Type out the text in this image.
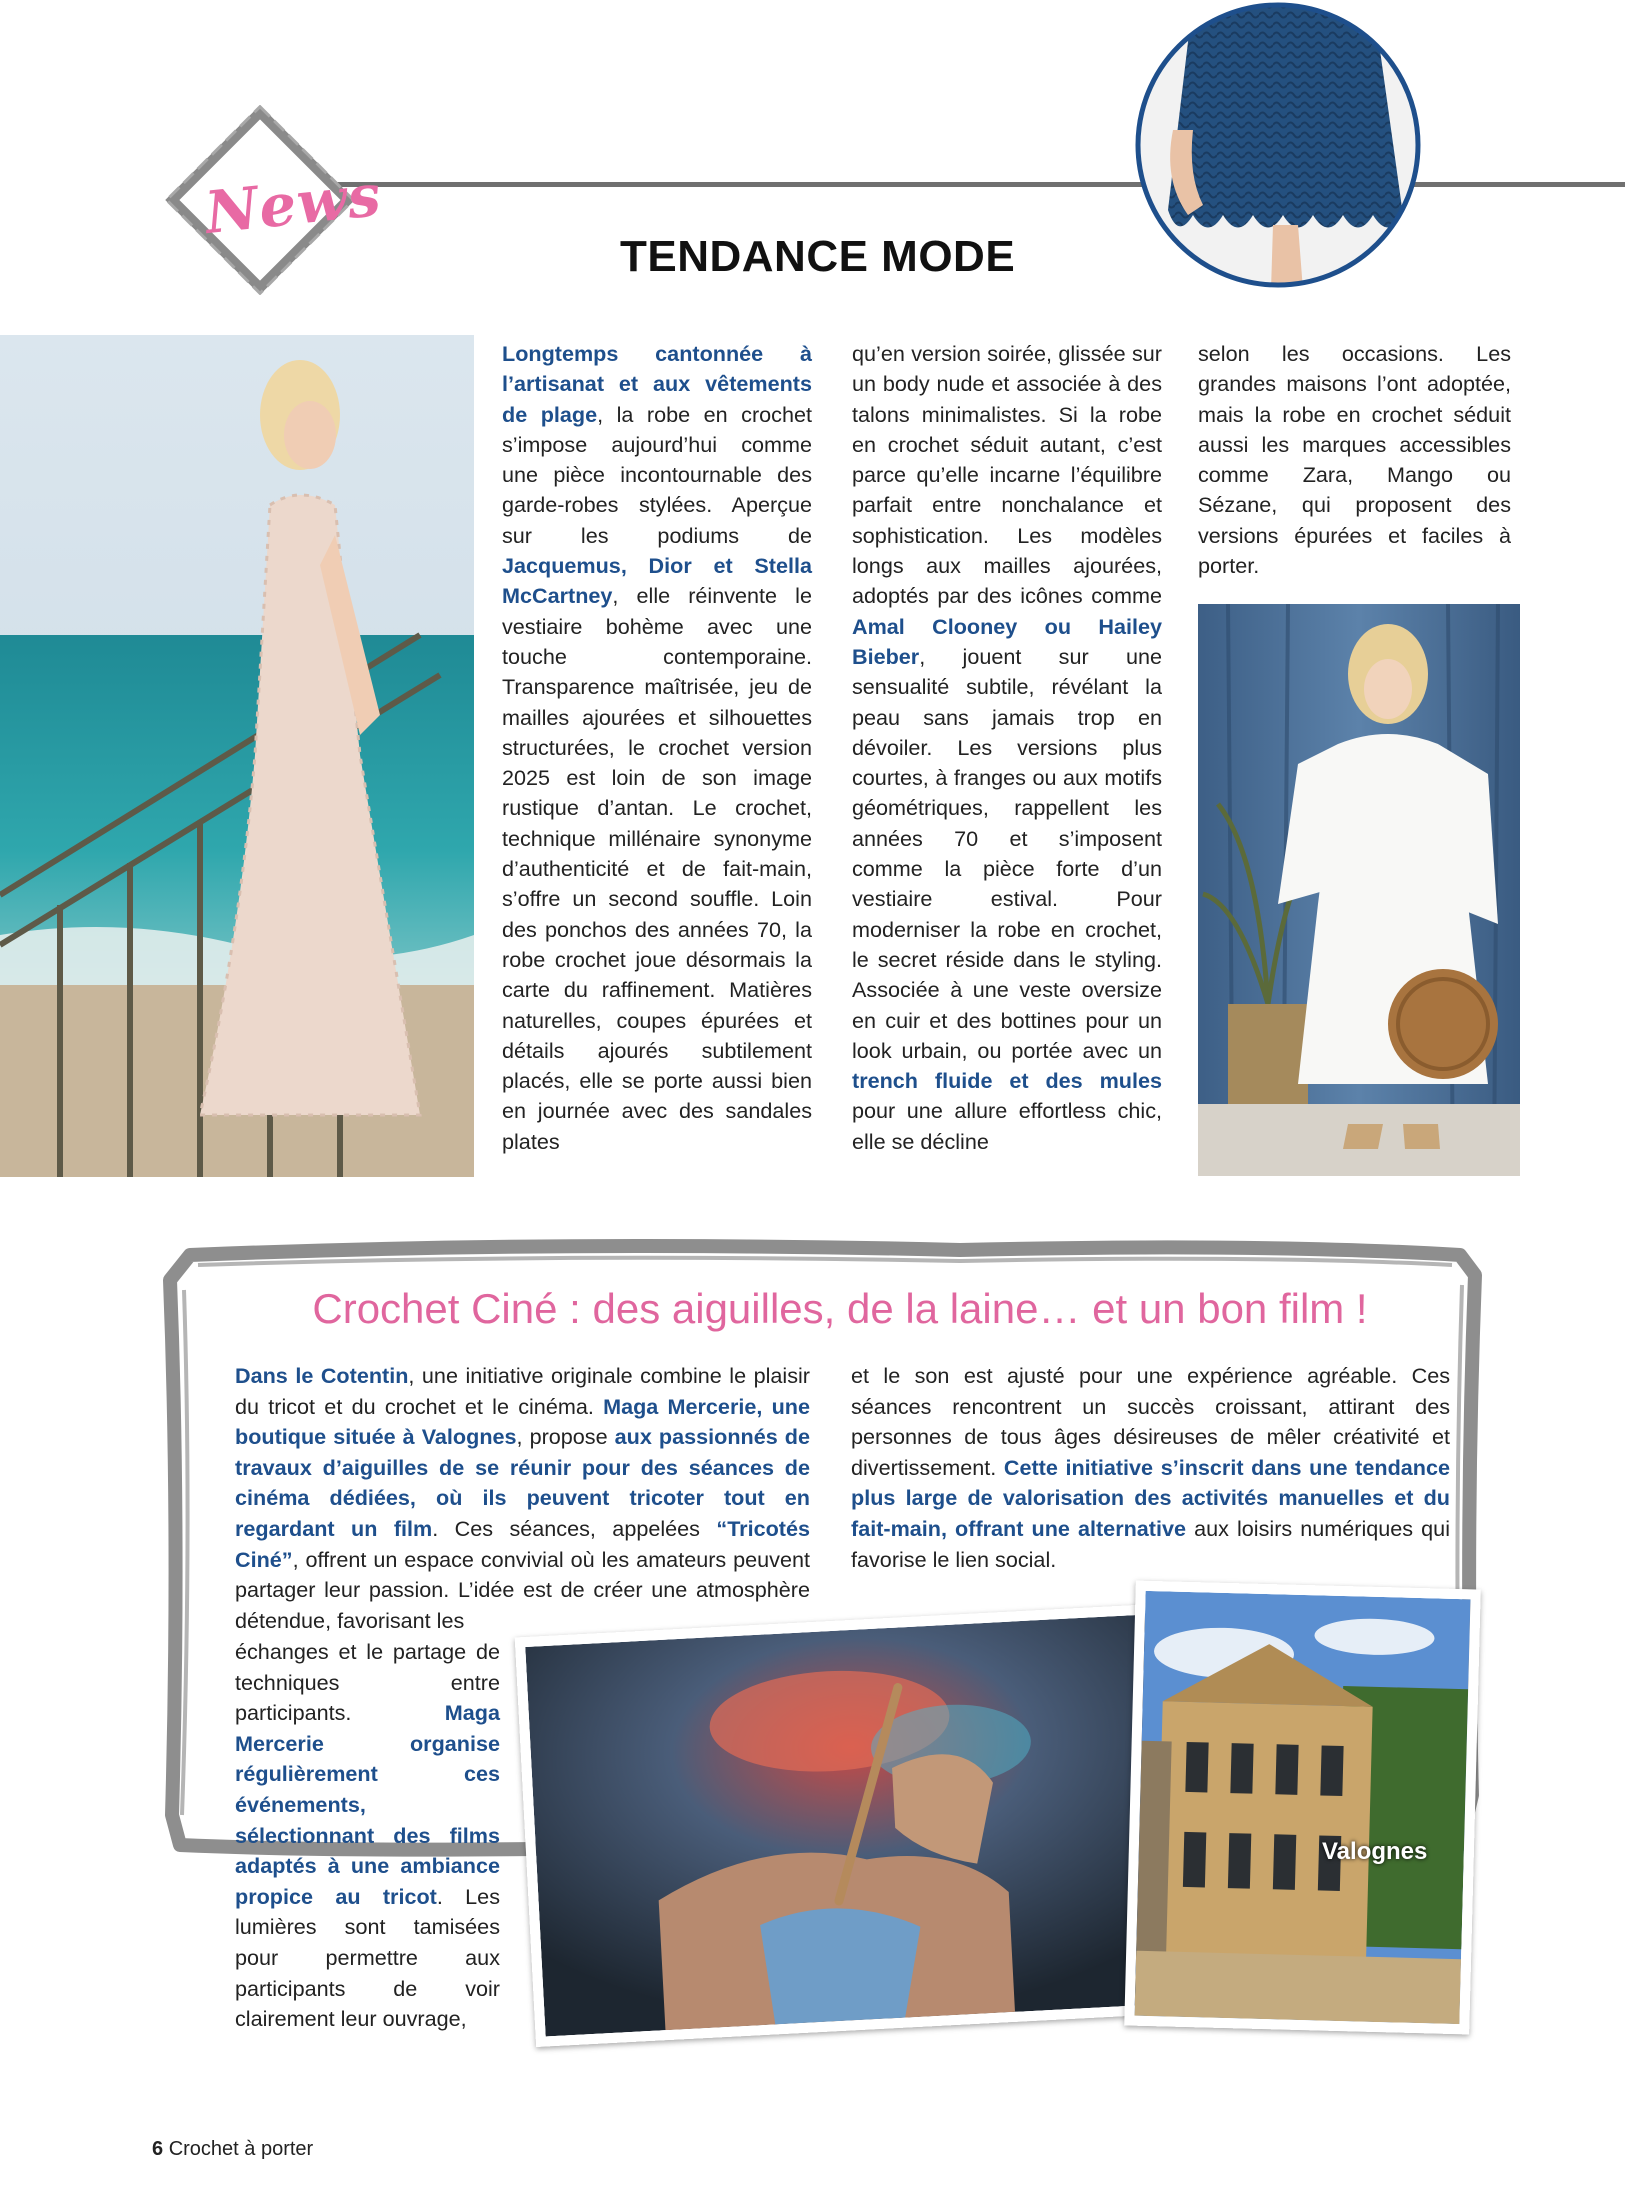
News
TENDANCE MODE

Longtemps cantonnée à l’artisanat et aux vêtements de plage, la robe en crochet s’impose aujourd’hui comme une pièce incontournable des garde-robes stylées. Aperçue sur les podiums de Jacquemus, Dior et Stella McCartney, elle réinvente le vestiaire bohème avec une touche contemporaine. Transparence maîtrisée, jeu de mailles ajourées et silhouettes structurées, le crochet version 2025 est loin de son image rustique d’antan. Le crochet, technique millénaire synonyme d’authenticité et de fait-main, s’offre un second souffle. Loin des ponchos des années 70, la robe crochet joue désormais la carte du raffinement. Matières naturelles, coupes épurées et détails ajourés subtilement placés, elle se porte aussi bien en journée avec des sandales plates

qu’en version soirée, glissée sur un body nude et associée à des talons minimalistes. Si la robe en crochet séduit autant, c’est parce qu’elle incarne l’équilibre parfait entre nonchalance et sophistication. Les modèles longs aux mailles ajourées, adoptés par des icônes comme Amal Clooney ou Hailey Bieber, jouent sur une sensualité subtile, révélant la peau sans jamais trop en dévoiler. Les versions plus courtes, à franges ou aux motifs géométriques, rappellent les années 70 et s’imposent comme la pièce forte d’un vestiaire estival. Pour moderniser la robe en crochet, le secret réside dans le styling. Associée à une veste oversize en cuir et des bottines pour un look urbain, ou portée avec un trench fluide et des mules pour une allure effortless chic, elle se décline

selon les occasions. Les grandes maisons l’ont adoptée, mais la robe en crochet séduit aussi les marques accessibles comme Zara, Mango ou Sézane, qui proposent des versions épurées et faciles à porter.

Crochet Ciné : des aiguilles, de la laine… et un bon film !

Dans le Cotentin, une initiative originale combine le plaisir du tricot et du crochet et le cinéma. Maga Mercerie, une boutique située à Valognes, propose aux passionnés de travaux d’aiguilles de se réunir pour des séances de cinéma dédiées, où ils peuvent tricoter tout en regardant un film. Ces séances, appelées “Tricotés Ciné”, offrent un espace convivial où les amateurs peuvent partager leur passion. L’idée est de créer une atmosphère détendue, favorisant les

échanges et le partage de techniques entre participants. Maga Mercerie organise régulièrement ces événements, sélectionnant des films adaptés à une ambiance propice au tricot. Les lumières sont tamisées pour permettre aux participants de voir clairement leur ouvrage,

et le son est ajusté pour une expérience agréable. Ces séances rencontrent un succès croissant, attirant des personnes de tous âges désireuses de mêler créativité et divertissement. Cette initiative s’inscrit dans une tendance plus large de valorisation des activités manuelles et du fait-main, offrant une alternative aux loisirs numériques qui favorise le lien social.

Valognes
6 Crochet à porter
